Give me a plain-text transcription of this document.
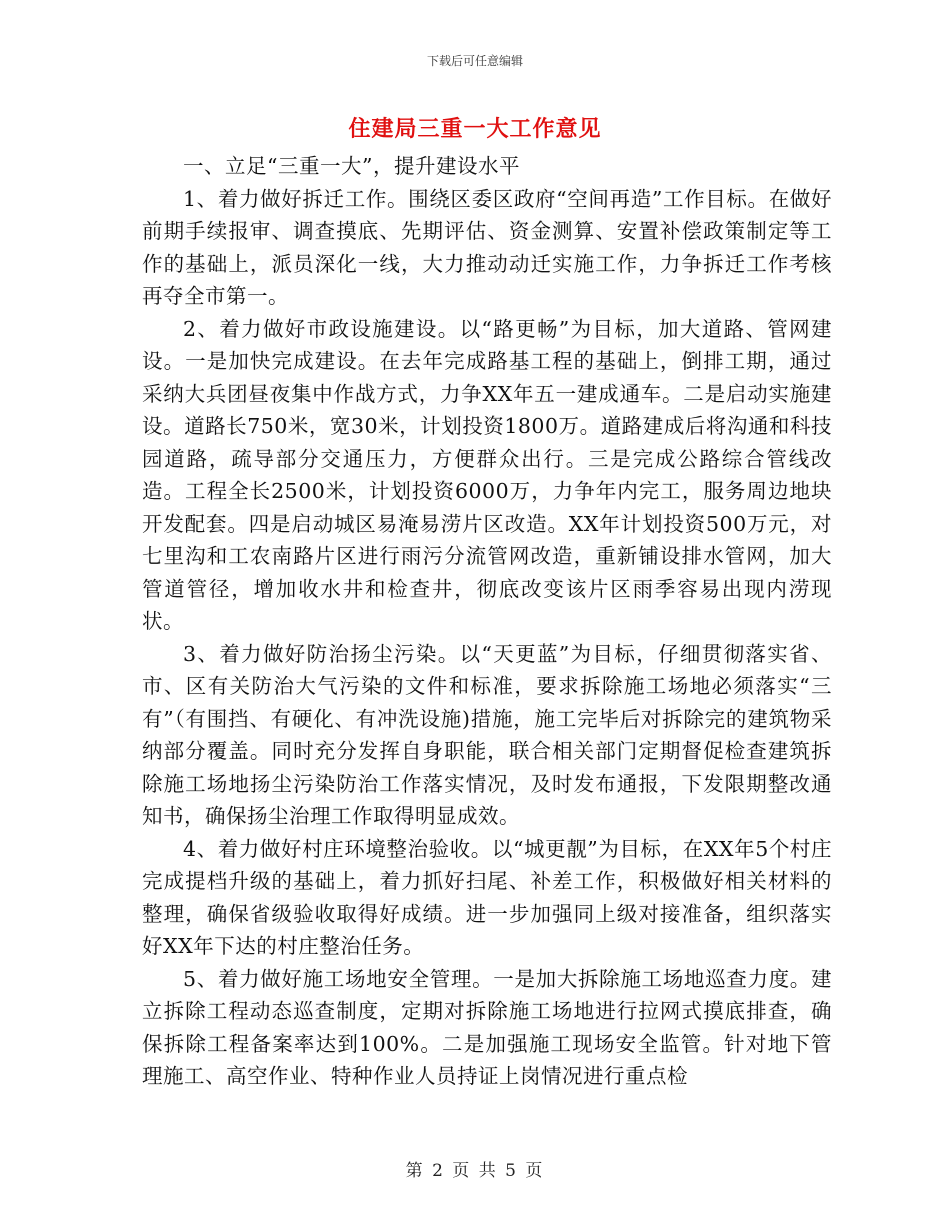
下载后可任意编辑
住建局三重一大工作意见

一、立足“三重一大”，提升建设水平

1、着力做好拆迁工作。围绕区委区政府“空间再造”工作目标。在做好前期手续报审、调查摸底、先期评估、资金测算、安置补偿政策制定等工作的基础上，派员深化一线，大力推动动迁实施工作，力争拆迁工作考核再夺全市第一。

2、着力做好市政设施建设。以“路更畅”为目标，加大道路、管网建设。一是加快完成建设。在去年完成路基工程的基础上，倒排工期，通过采纳大兵团昼夜集中作战方式，力争XX年五一建成通车。二是启动实施建设。道路长750米，宽30米，计划投资1800万。道路建成后将沟通和科技园道路，疏导部分交通压力，方便群众出行。三是完成公路综合管线改造。工程全长2500米，计划投资6000万，力争年内完工，服务周边地块开发配套。四是启动城区易淹易涝片区改造。XX年计划投资500万元，对七里沟和工农南路片区进行雨污分流管网改造，重新铺设排水管网，加大管道管径，增加收水井和检查井，彻底改变该片区雨季容易出现内涝现状。

3、着力做好防治扬尘污染。以“天更蓝”为目标，仔细贯彻落实省、市、区有关防治大气污染的文件和标准，要求拆除施工场地必须落实“三有”（有围挡、有硬化、有冲洗设施)措施，施工完毕后对拆除完的建筑物采纳部分覆盖。同时充分发挥自身职能，联合相关部门定期督促检查建筑拆除施工场地扬尘污染防治工作落实情况，及时发布通报，下发限期整改通知书，确保扬尘治理工作取得明显成效。

4、着力做好村庄环境整治验收。以“城更靓”为目标，在XX年5个村庄完成提档升级的基础上，着力抓好扫尾、补差工作，积极做好相关材料的整理，确保省级验收取得好成绩。进一步加强同上级对接准备，组织落实好XX年下达的村庄整治任务。

5、着力做好施工场地安全管理。一是加大拆除施工场地巡查力度。建立拆除工程动态巡查制度，定期对拆除施工场地进行拉网式摸底排查，确保拆除工程备案率达到100%。二是加强施工现场安全监管。针对地下管理施工、高空作业、特种作业人员持证上岗情况进行重点检

第 2 页 共 5 页
